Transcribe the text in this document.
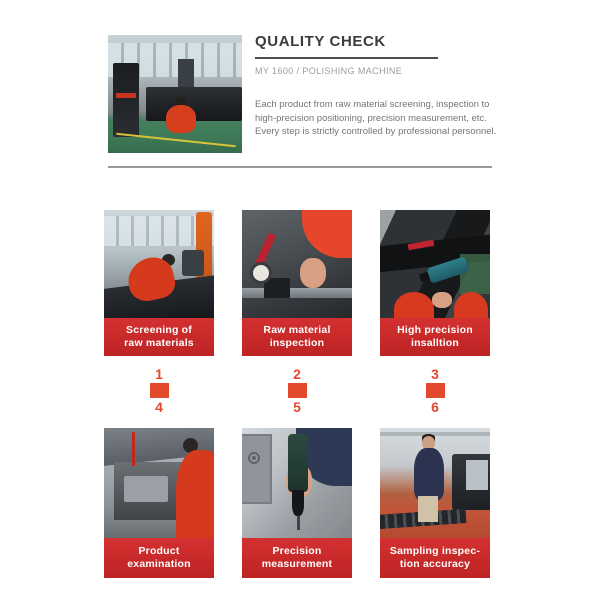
QUALITY CHECK
MY 1600 / POLISHING MACHINE
Each product from raw material screening, inspection to high-precision positioning, precision measurement, etc. Every step is strictly controlled by professional personnel.
Screening of
raw materials
Raw material
inspection
High precision
insalltion
1
4
2
5
3
6
Product
examination
Precision
measurement
Sampling inspec-
tion accuracy
